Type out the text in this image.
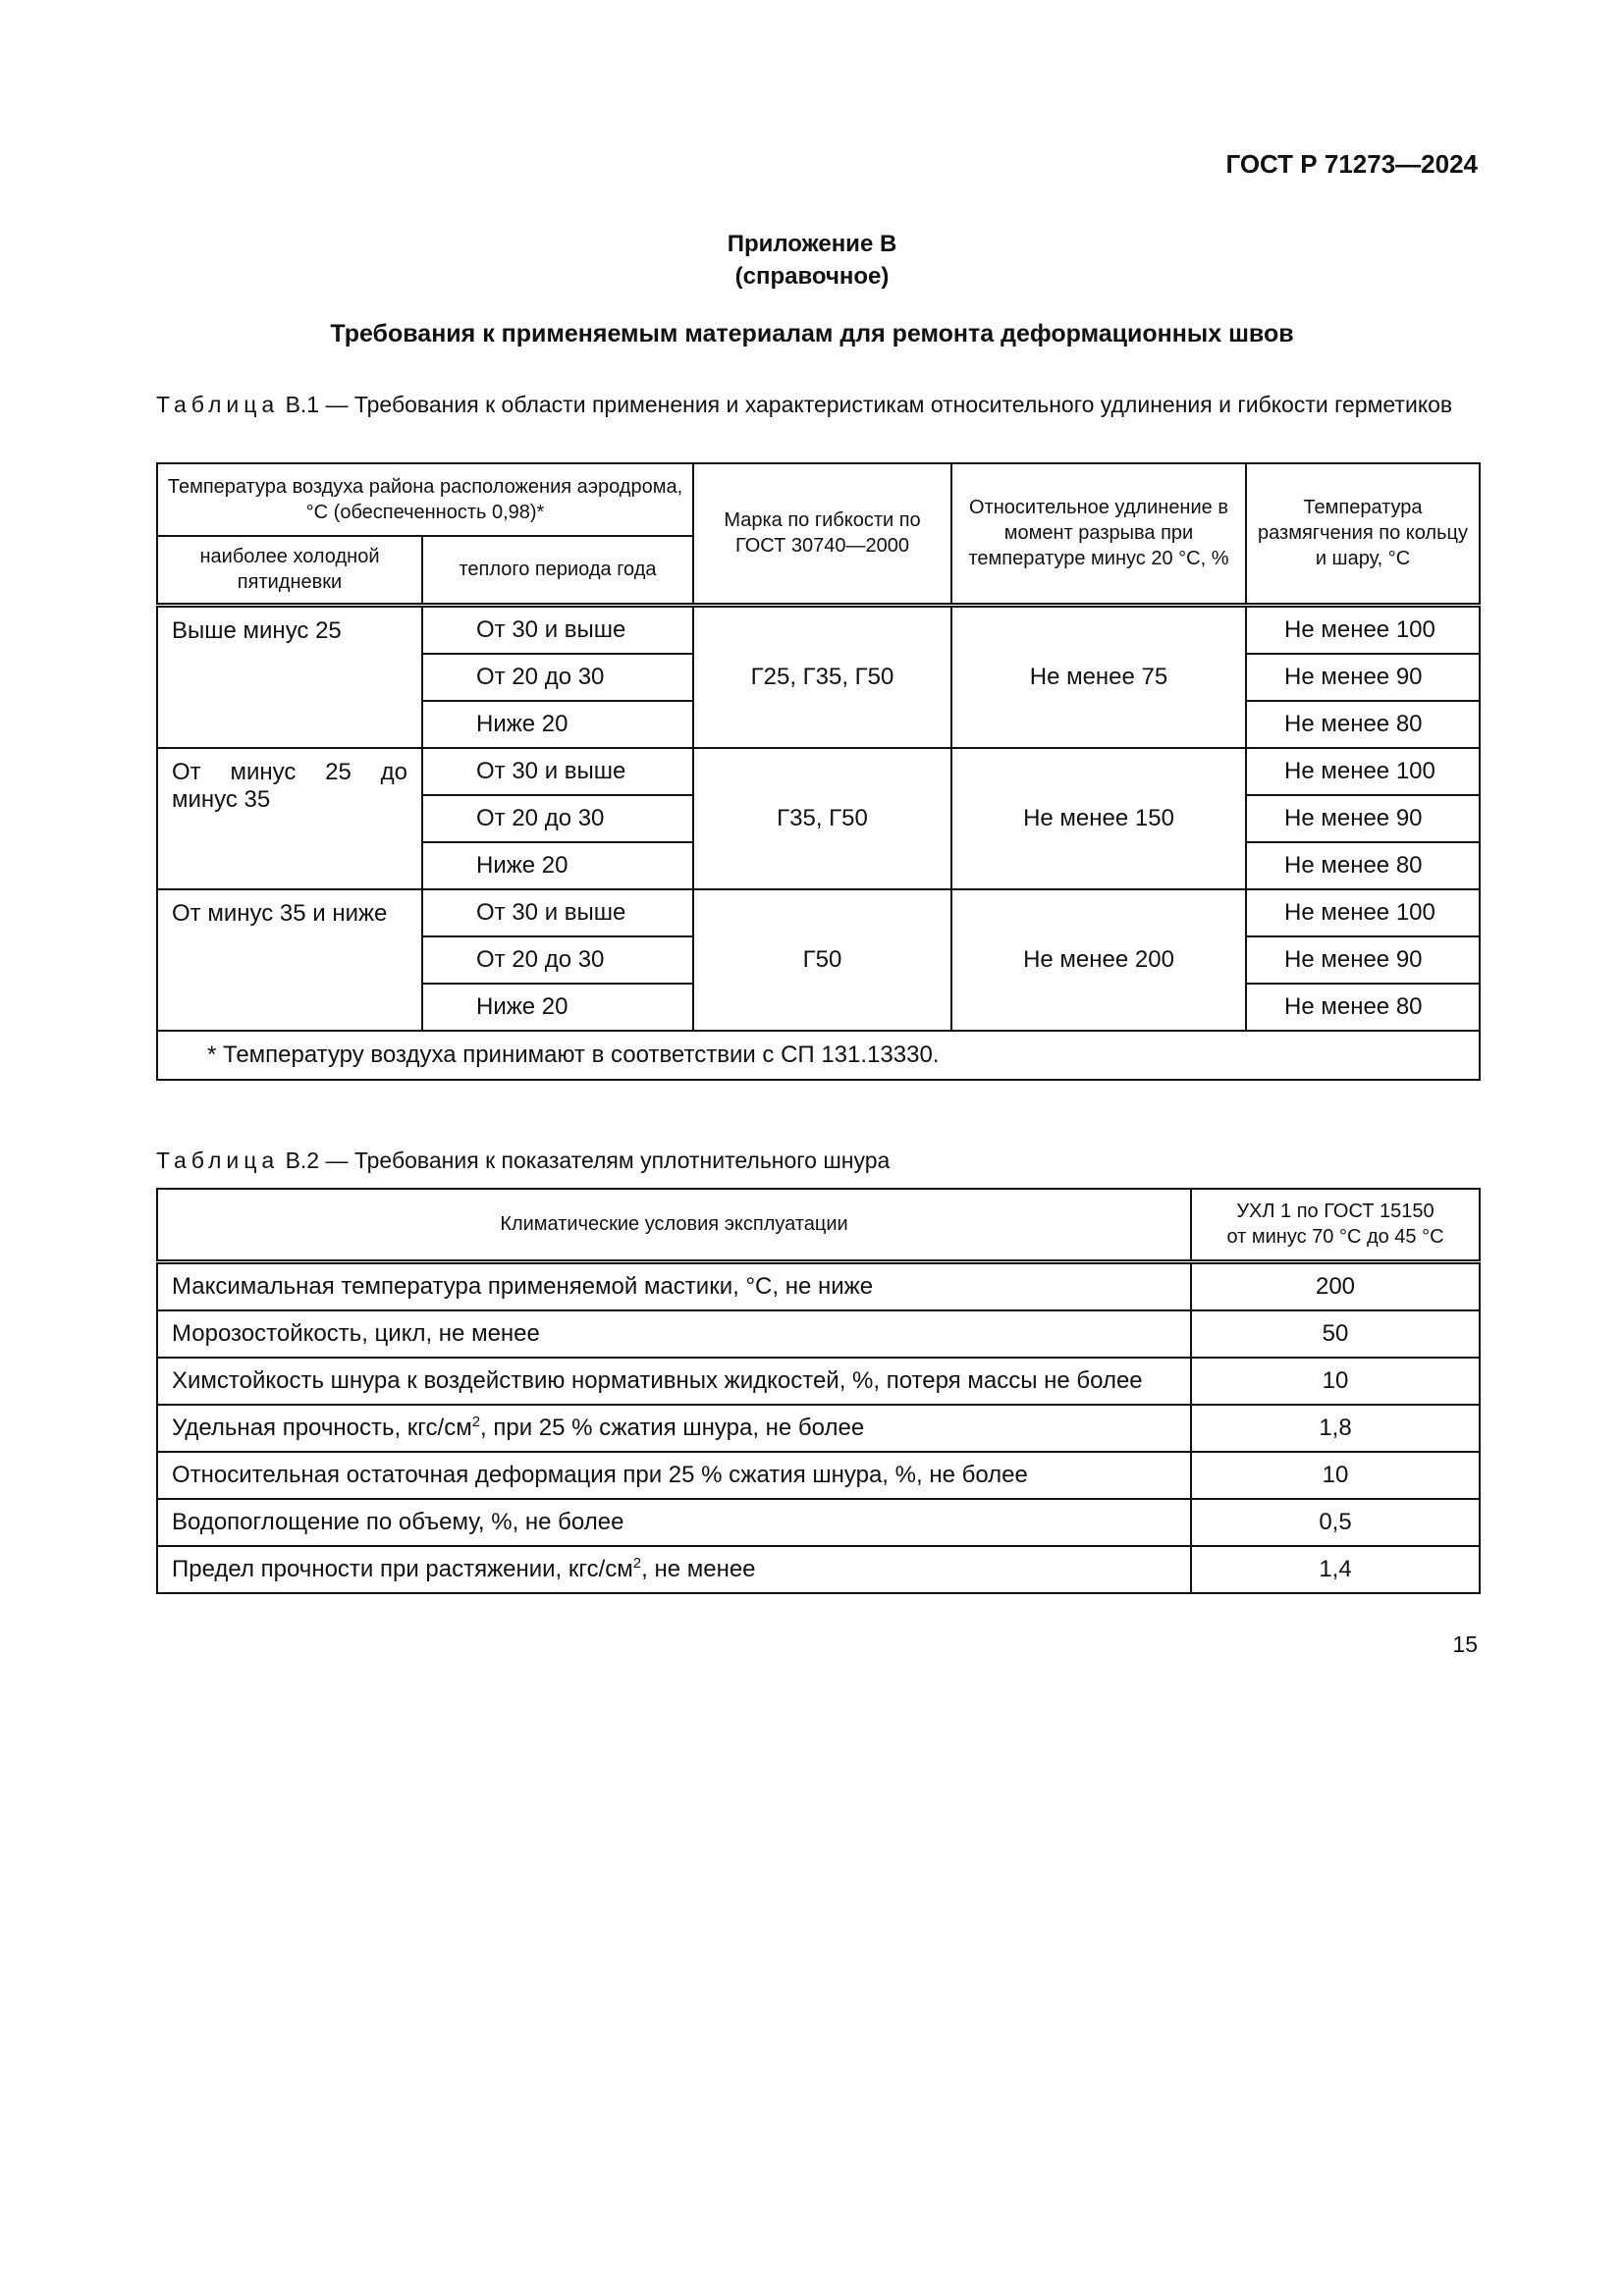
ГОСТ Р 71273—2024
Приложение В
(справочное)
Требования к применяемым материалам для ремонта деформационных швов
Таблица В.1 — Требования к области применения и характеристикам относительного удлинения и гибкости герметиков
Температура воздуха района расположения аэродрома, °С (обеспеченность 0,98)*		Марка по гибкости по ГОСТ 30740—2000	Относительное удлинение в момент разрыва при температуре минус 20 °С, %	Температура размягчения по кольцу и шару, °С
наиболее холодной пятидневки	теплого периода года			
Выше минус 25	От 30 и выше	Г25, Г35, Г50	Не менее 75	Не менее 100
	От 20 до 30			Не менее 90
	Ниже 20			Не менее 80
От минус 25 до минус 35	От 30 и выше	Г35, Г50	Не менее 150	Не менее 100
	От 20 до 30			Не менее 90
	Ниже 20			Не менее 80
От минус 35 и ниже	От 30 и выше	Г50	Не менее 200	Не менее 100
	От 20 до 30			Не менее 90
	Ниже 20			Не менее 80
* Температуру воздуха принимают в соответствии с СП 131.13330.				
Таблица В.2 — Требования к показателям уплотнительного шнура
Климатические условия эксплуатации	УХЛ 1 по ГОСТ 15150
от минус 70 °С до 45 °С

Максимальная температура применяемой мастики, °С, не ниже	200
Морозостойкость, цикл, не менее	50
Химстойкость шнура к воздействию нормативных жидкостей, %, потеря массы не более	10
Удельная прочность, кгс/$см^2$, при 25 % сжатия шнура, не более	1,8
Относительная остаточная деформация при 25 % сжатия шнура, %, не более	10
Водопоглощение по объему, %, не более	0,5
Предел прочности при растяжении, кгс/$см^2$, не менее	1,4
15
